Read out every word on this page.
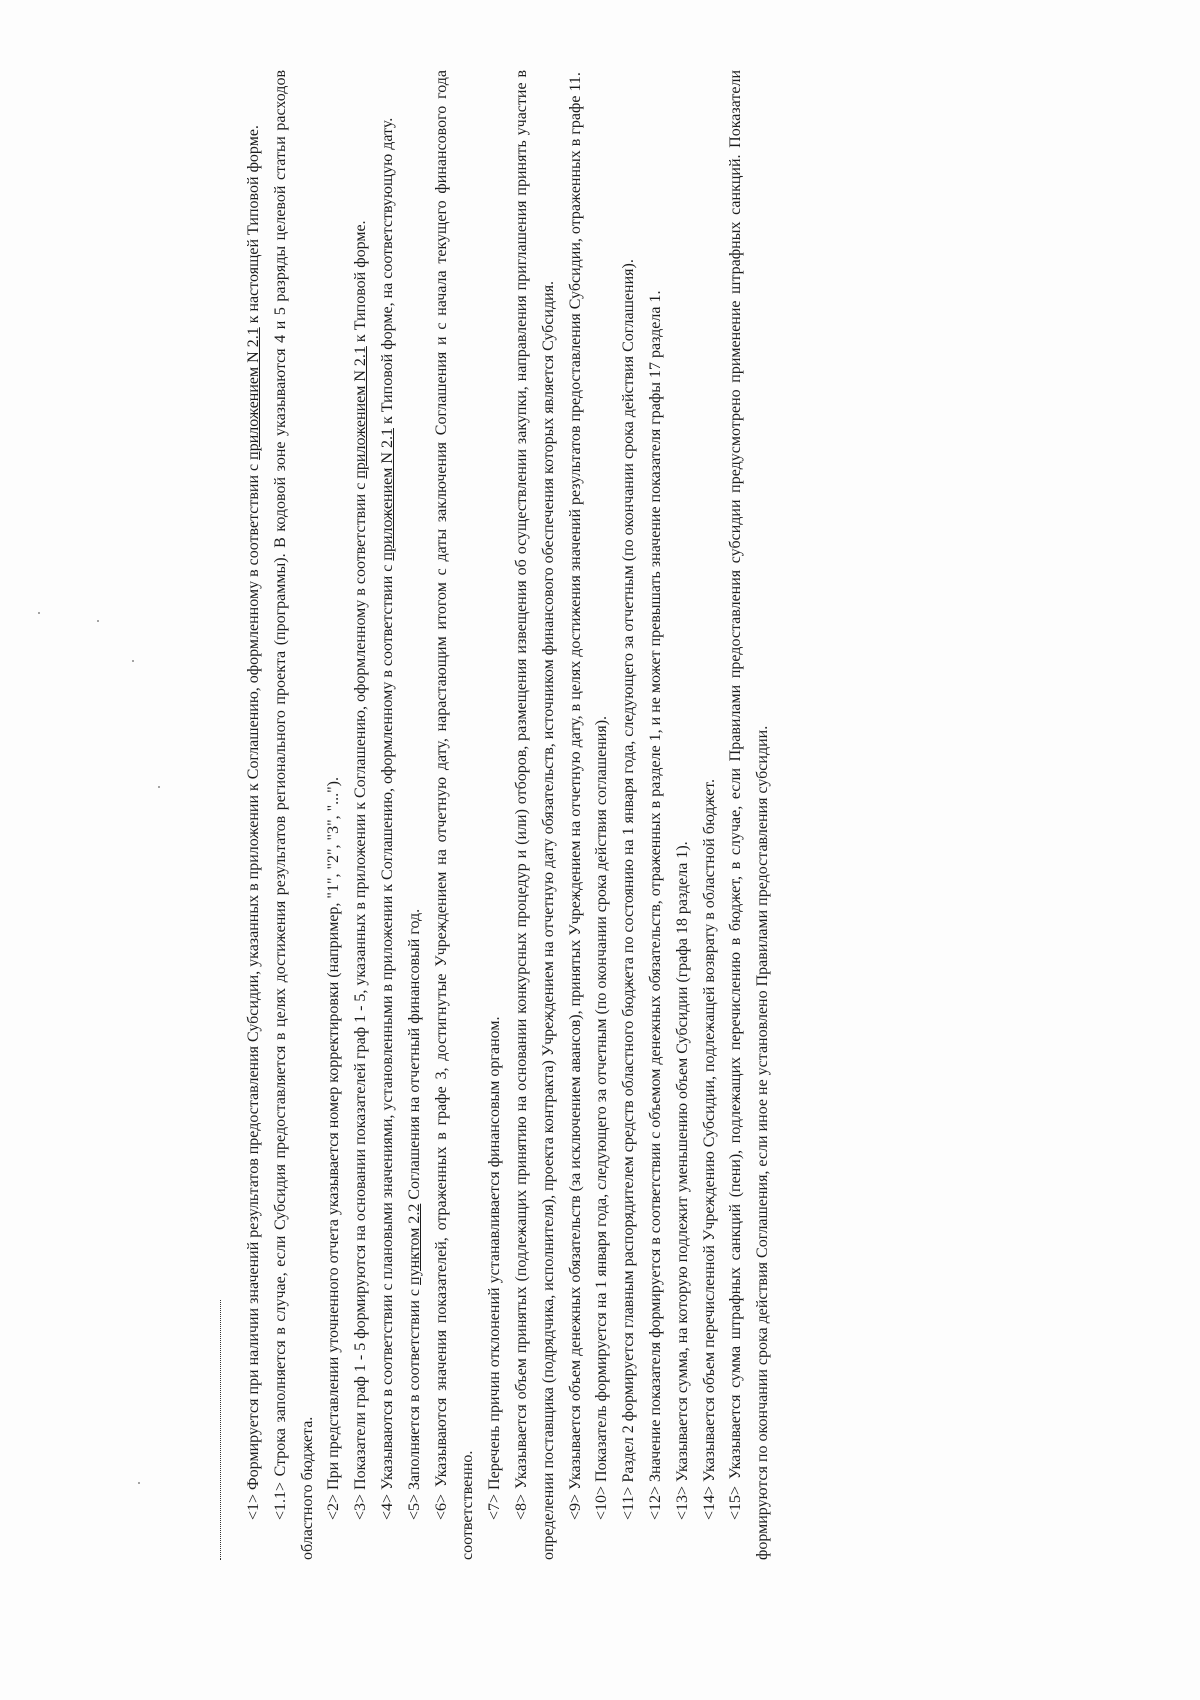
<1> Формируется при наличии значений результатов предоставления Субсидии, указанных в приложении к Соглашению, оформленному в соответствии с приложением N 2.1 к настоящей Типовой форме.

<1.1> Строка заполняется в случае, если Субсидия предоставляется в целях достижения результатов регионального проекта (программы). В кодовой зоне указываются 4 и 5 разряды целевой статьи расходов областного бюджета. <2> При представлении уточненного отчета указывается номер корректировки (например, "1", "2", "3", "...").

<3> Показатели граф 1 - 5 формируются на основании показателей граф 1 - 5, указанных в приложении к Соглашению, оформленному в соответствии с приложением N 2.1 к Типовой форме.

<4> Указываются в соответствии с плановыми значениями, установленными в приложении к Соглашению, оформленному в соответствии с приложением N 2.1 к Типовой форме, на соответствующую дату.

<5> Заполняется в соответствии с пунктом 2.2 Соглашения на отчетный финансовый год.

<6> Указываются значения показателей, отраженных в графе 3, достигнутые Учреждением на отчетную дату, нарастающим итогом с даты заключения Соглашения и с начала текущего финансового года соответственно. <7> Перечень причин отклонений устанавливается финансовым органом.

<8> Указывается объем принятых (подлежащих принятию на основании конкурсных процедур и (или) отборов, размещения извещения об осуществлении закупки, направления приглашения принять участие в определении поставщика (подрядчика, исполнителя), проекта контракта) Учреждением на отчетную дату обязательств, источником финансового обеспечения которых является Субсидия. <9> Указывается объем денежных обязательств (за исключением авансов), принятых Учреждением на отчетную дату, в целях достижения значений результатов предоставления Субсидии, отраженных в графе 11.

<10> Показатель формируется на 1 января года, следующего за отчетным (по окончании срока действия соглашения).

<11> Раздел 2 формируется главным распорядителем средств областного бюджета по состоянию на 1 января года, следующего за отчетным (по окончании срока действия Соглашения).

<12> Значение показателя формируется в соответствии с объемом денежных обязательств, отраженных в разделе 1, и не может превышать значение показателя графы 17 раздела 1.

<13> Указывается сумма, на которую подлежит уменьшению объем Субсидии (графа 18 раздела 1).

<14> Указывается объем перечисленной Учреждению Субсидии, подлежащей возврату в областной бюджет.

<15> Указывается сумма штрафных санкций (пени), подлежащих перечислению в бюджет, в случае, если Правилами предоставления субсидии предусмотрено применение штрафных санкций. Показатели формируются по окончании срока действия Соглашения, если иное не установлено Правилами предоставления субсидии.
